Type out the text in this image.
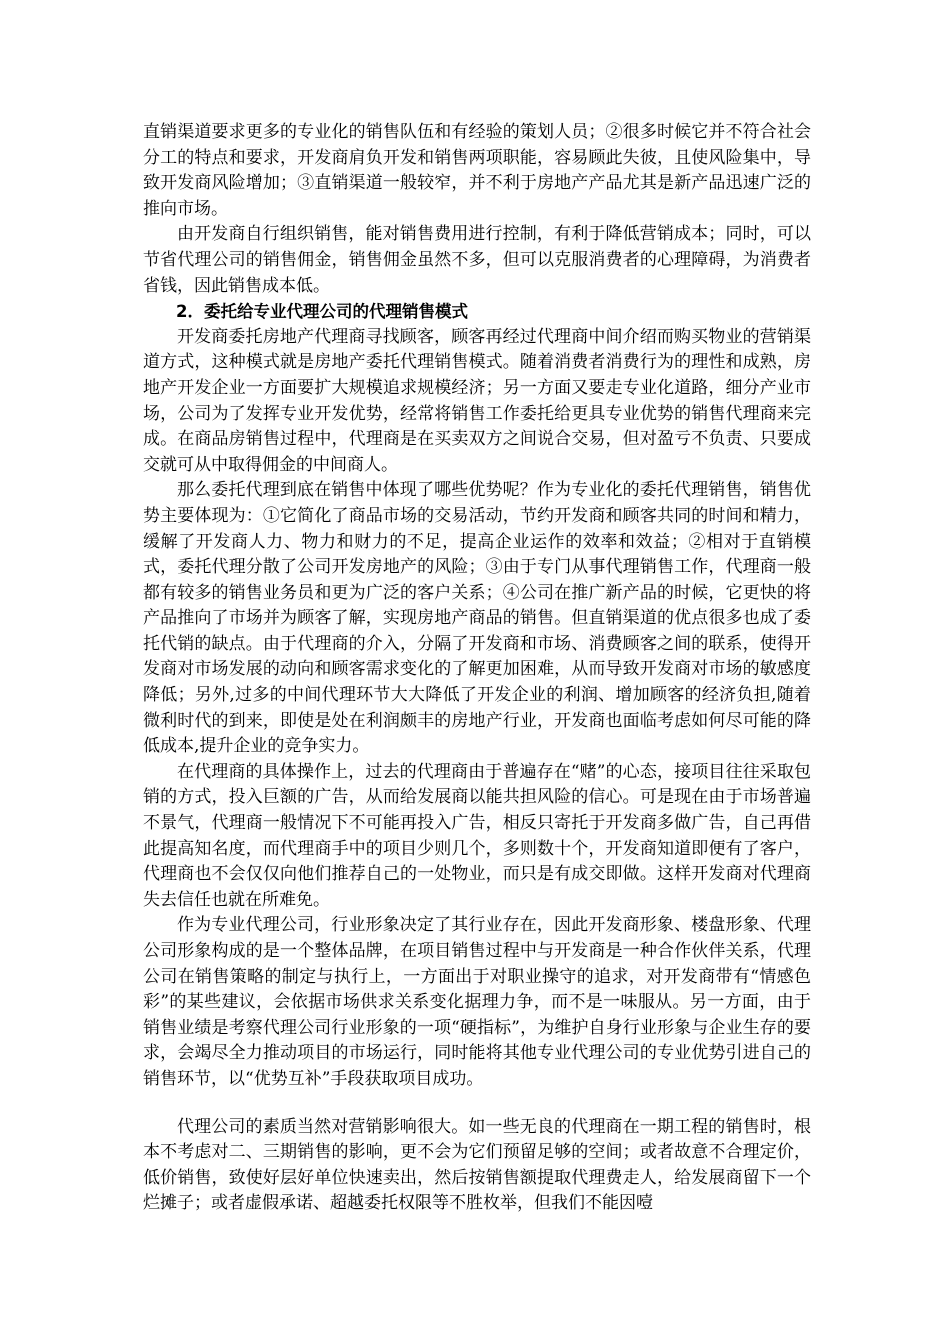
直销渠道要求更多的专业化的销售队伍和有经验的策划人员；②很多时候它并不符合社会分工的特点和要求，开发商肩负开发和销售两项职能，容易顾此失彼，且使风险集中，导致开发商风险增加；③直销渠道一般较窄，并不利于房地产产品尤其是新产品迅速广泛的推向市场。

由开发商自行组织销售，能对销售费用进行控制，有利于降低营销成本；同时，可以节省代理公司的销售佣金，销售佣金虽然不多，但可以克服消费者的心理障碍，为消费者省钱，因此销售成本低。

2．委托给专业代理公司的代理销售模式

开发商委托房地产代理商寻找顾客，顾客再经过代理商中间介绍而购买物业的营销渠道方式，这种模式就是房地产委托代理销售模式。随着消费者消费行为的理性和成熟，房地产开发企业一方面要扩大规模追求规模经济；另一方面又要走专业化道路，细分产业市场，公司为了发挥专业开发优势，经常将销售工作委托给更具专业优势的销售代理商来完成。在商品房销售过程中，代理商是在买卖双方之间说合交易，但对盈亏不负责、只要成交就可从中取得佣金的中间商人。

那么委托代理到底在销售中体现了哪些优势呢？作为专业化的委托代理销售，销售优势主要体现为：①它简化了商品市场的交易活动，节约开发商和顾客共同的时间和精力，缓解了开发商人力、物力和财力的不足，提高企业运作的效率和效益；②相对于直销模式，委托代理分散了公司开发房地产的风险；③由于专门从事代理销售工作，代理商一般都有较多的销售业务员和更为广泛的客户关系；④公司在推广新产品的时候，它更快的将产品推向了市场并为顾客了解，实现房地产商品的销售。但直销渠道的优点很多也成了委托代销的缺点。由于代理商的介入，分隔了开发商和市场、消费顾客之间的联系，使得开发商对市场发展的动向和顾客需求变化的了解更加困难，从而导致开发商对市场的敏感度降低；另外,过多的中间代理环节大大降低了开发企业的利润、增加顾客的经济负担,随着微利时代的到来，即使是处在利润颇丰的房地产行业，开发商也面临考虑如何尽可能的降低成本,提升企业的竞争实力。

在代理商的具体操作上，过去的代理商由于普遍存在“赌”的心态，接项目往往采取包销的方式，投入巨额的广告，从而给发展商以能共担风险的信心。可是现在由于市场普遍不景气，代理商一般情况下不可能再投入广告，相反只寄托于开发商多做广告，自己再借此提高知名度，而代理商手中的项目少则几个，多则数十个，开发商知道即便有了客户，代理商也不会仅仅向他们推荐自己的一处物业，而只是有成交即做。这样开发商对代理商失去信任也就在所难免。

作为专业代理公司，行业形象决定了其行业存在，因此开发商形象、楼盘形象、代理公司形象构成的是一个整体品牌，在项目销售过程中与开发商是一种合作伙伴关系，代理公司在销售策略的制定与执行上，一方面出于对职业操守的追求，对开发商带有“情感色彩”的某些建议，会依据市场供求关系变化据理力争，而不是一味服从。另一方面，由于销售业绩是考察代理公司行业形象的一项“硬指标”，为维护自身行业形象与企业生存的要求，会竭尽全力推动项目的市场运行，同时能将其他专业代理公司的专业优势引进自己的销售环节，以“优势互补”手段获取项目成功。

代理公司的素质当然对营销影响很大。如一些无良的代理商在一期工程的销售时，根本不考虑对二、三期销售的影响，更不会为它们预留足够的空间；或者故意不合理定价，低价销售，致使好层好单位快速卖出，然后按销售额提取代理费走人，给发展商留下一个烂摊子；或者虚假承诺、超越委托权限等不胜枚举，但我们不能因噎
